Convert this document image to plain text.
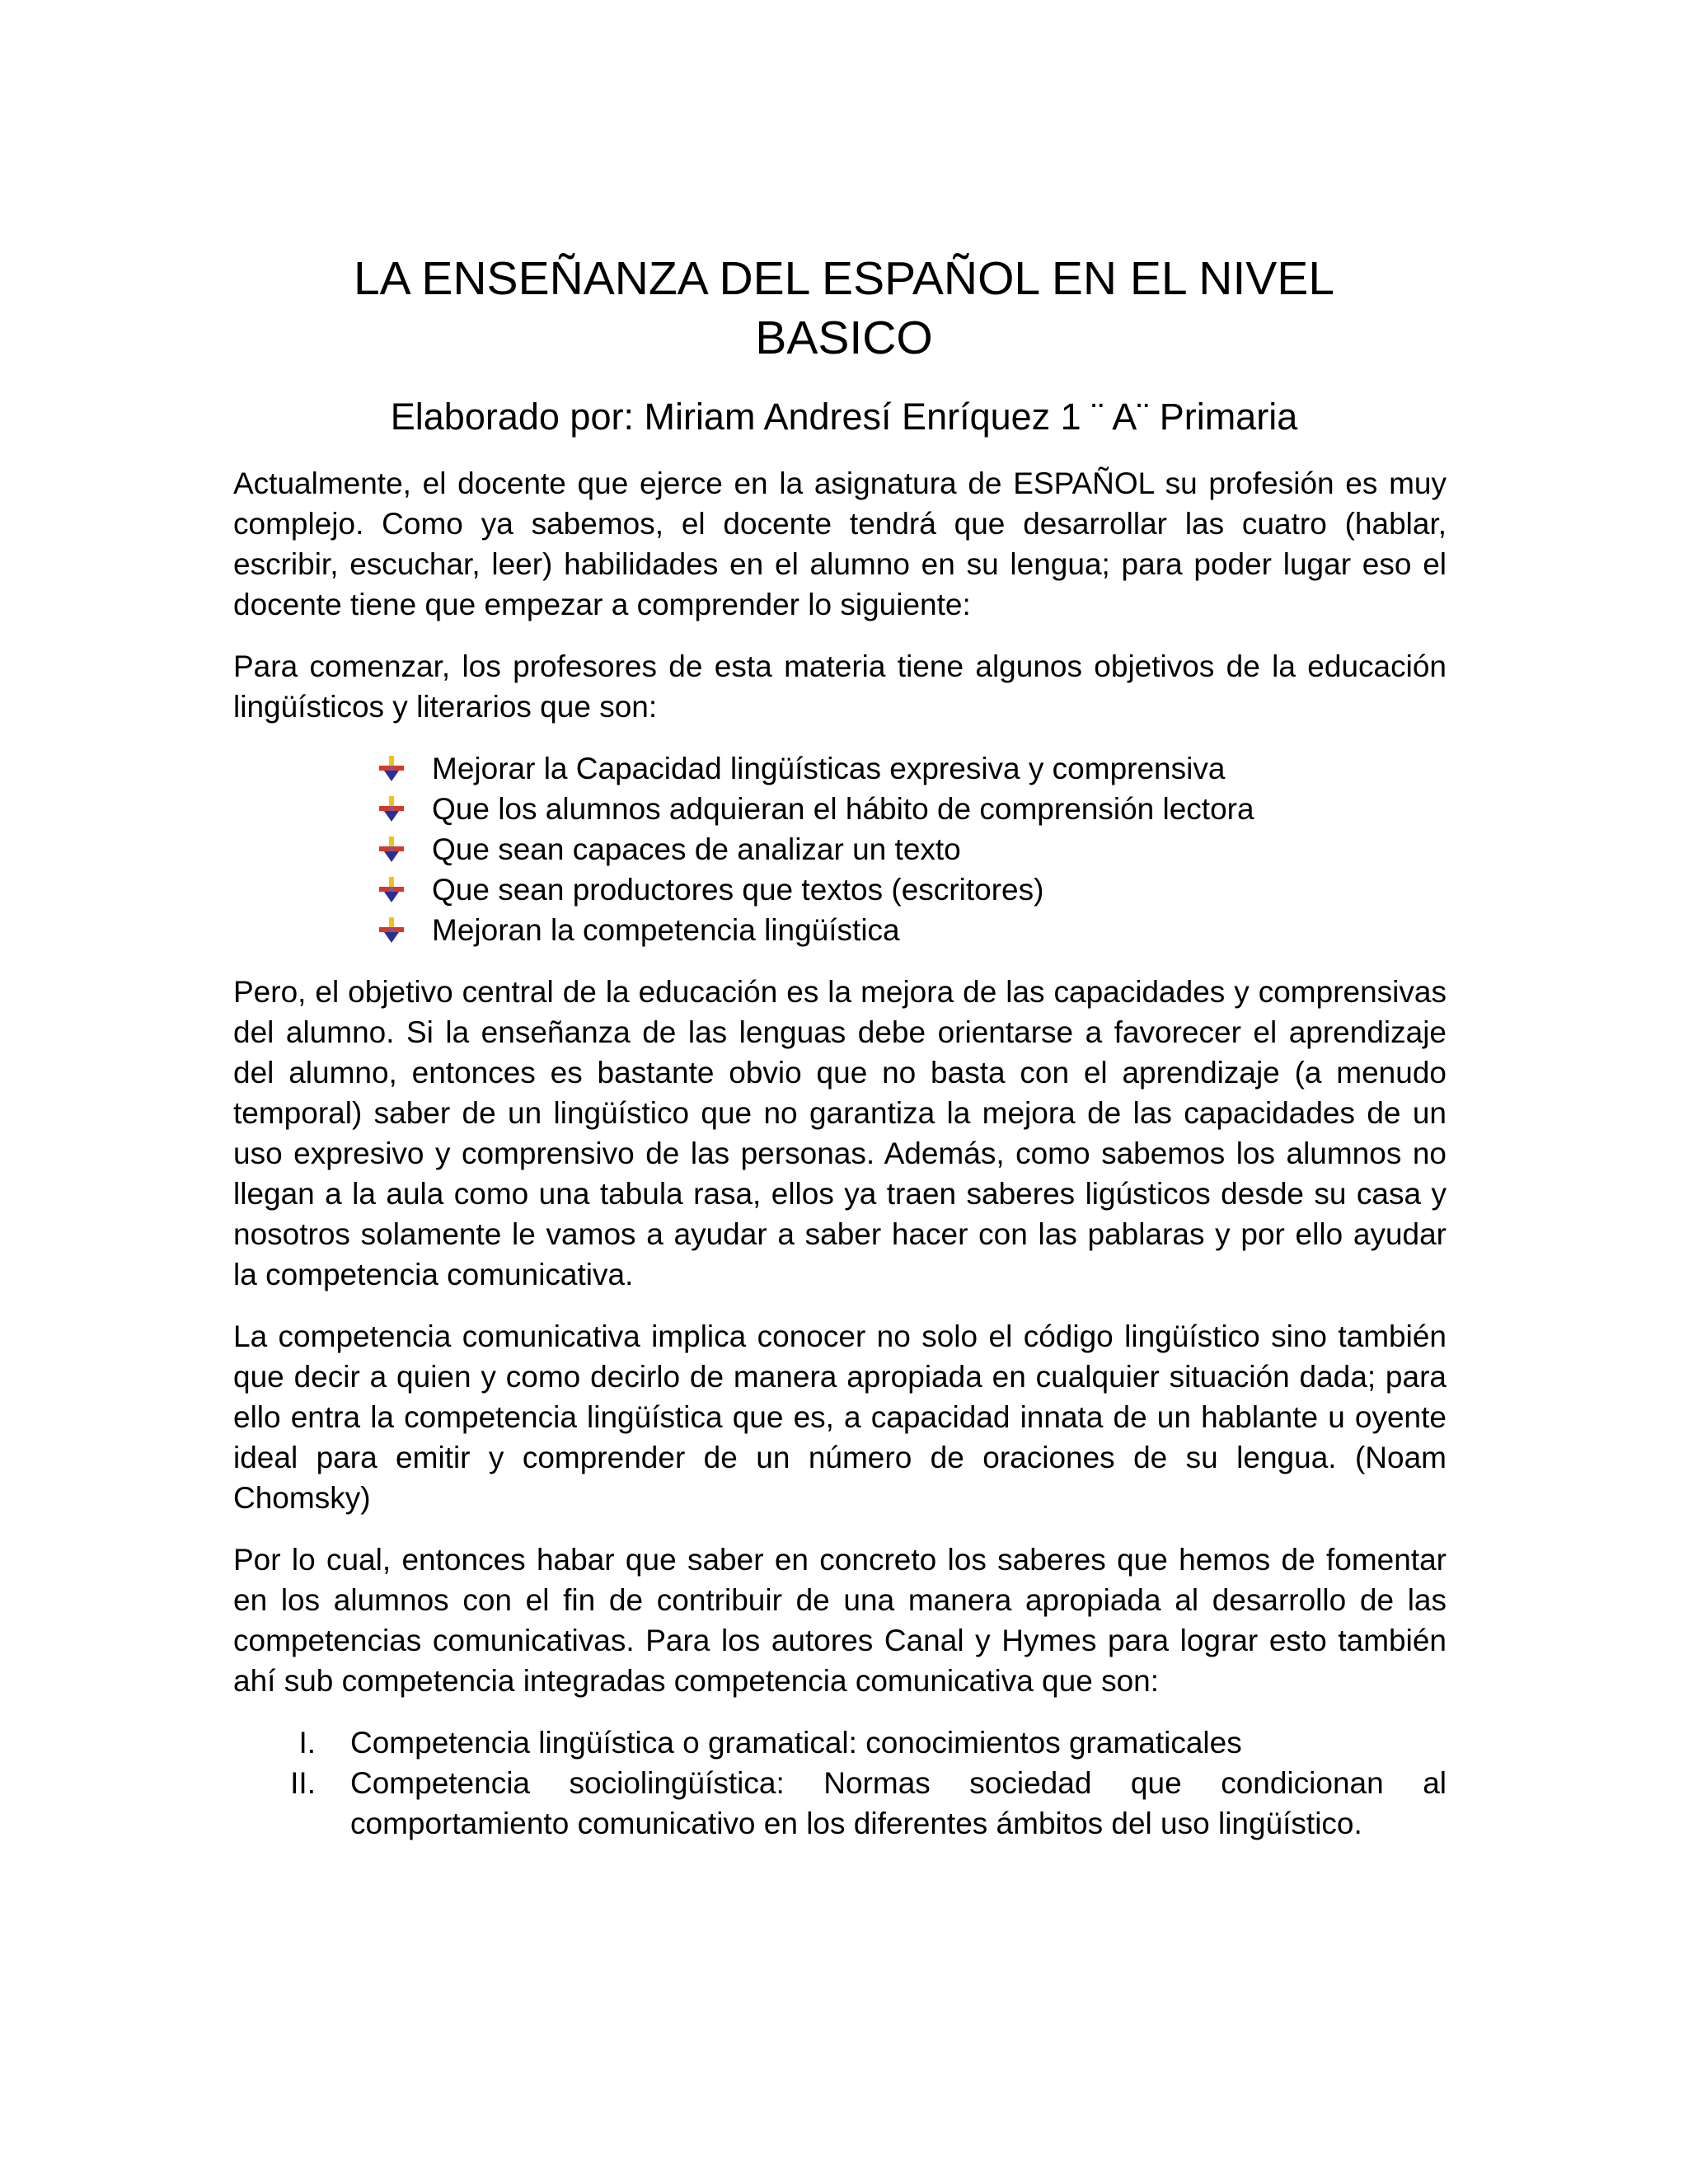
LA ENSEÑANZA DEL ESPAÑOL EN EL NIVEL
BASICO
Elaborado por: Miriam Andresí Enríquez 1 ¨ A¨ Primaria

Actualmente, el docente que ejerce en la asignatura de ESPAÑOL su profesión es muy complejo. Como ya sabemos, el docente tendrá que desarrollar las cuatro (hablar, escribir, escuchar, leer) habilidades en el alumno en su lengua; para poder lugar eso el docente tiene que empezar a comprender lo siguiente:

Para comenzar, los profesores de esta materia tiene algunos objetivos de la educación lingüísticos y literarios que son:

Mejorar la Capacidad lingüísticas expresiva y comprensiva
Que los alumnos adquieran el hábito de comprensión lectora
Que sean capaces de analizar un texto
Que sean productores que textos (escritores)
Mejoran la competencia lingüística

Pero, el objetivo central de la educación es la mejora de las capacidades y comprensivas del alumno. Si la enseñanza de las lenguas debe orientarse a favorecer el aprendizaje del alumno, entonces es bastante obvio que no basta con el aprendizaje (a menudo temporal) saber de un lingüístico que no garantiza la mejora de las capacidades de un uso expresivo y comprensivo de las personas. Además, como sabemos los alumnos no llegan a la aula como una tabula rasa, ellos ya traen saberes ligústicos desde su casa y nosotros solamente le vamos a ayudar a saber hacer con las pablaras y por ello ayudar la competencia comunicativa.

La competencia comunicativa implica conocer no solo el código lingüístico sino también que decir a quien y como decirlo de manera apropiada en cualquier situación dada; para ello entra la competencia lingüística que es, a capacidad innata de un hablante u oyente ideal para emitir y comprender de un número de oraciones de su lengua. (Noam Chomsky)

Por lo cual, entonces habar que saber en concreto los saberes que hemos de fomentar en los alumnos con el fin de contribuir de una manera apropiada al desarrollo de las competencias comunicativas. Para los autores Canal y Hymes para lograr esto también ahí sub competencia integradas competencia comunicativa que son:

I.	Competencia lingüística o gramatical: conocimientos gramaticales
II.	Competencia sociolingüística: Normas sociedad que condicionan al comportamiento comunicativo en los diferentes ámbitos del uso lingüístico.
